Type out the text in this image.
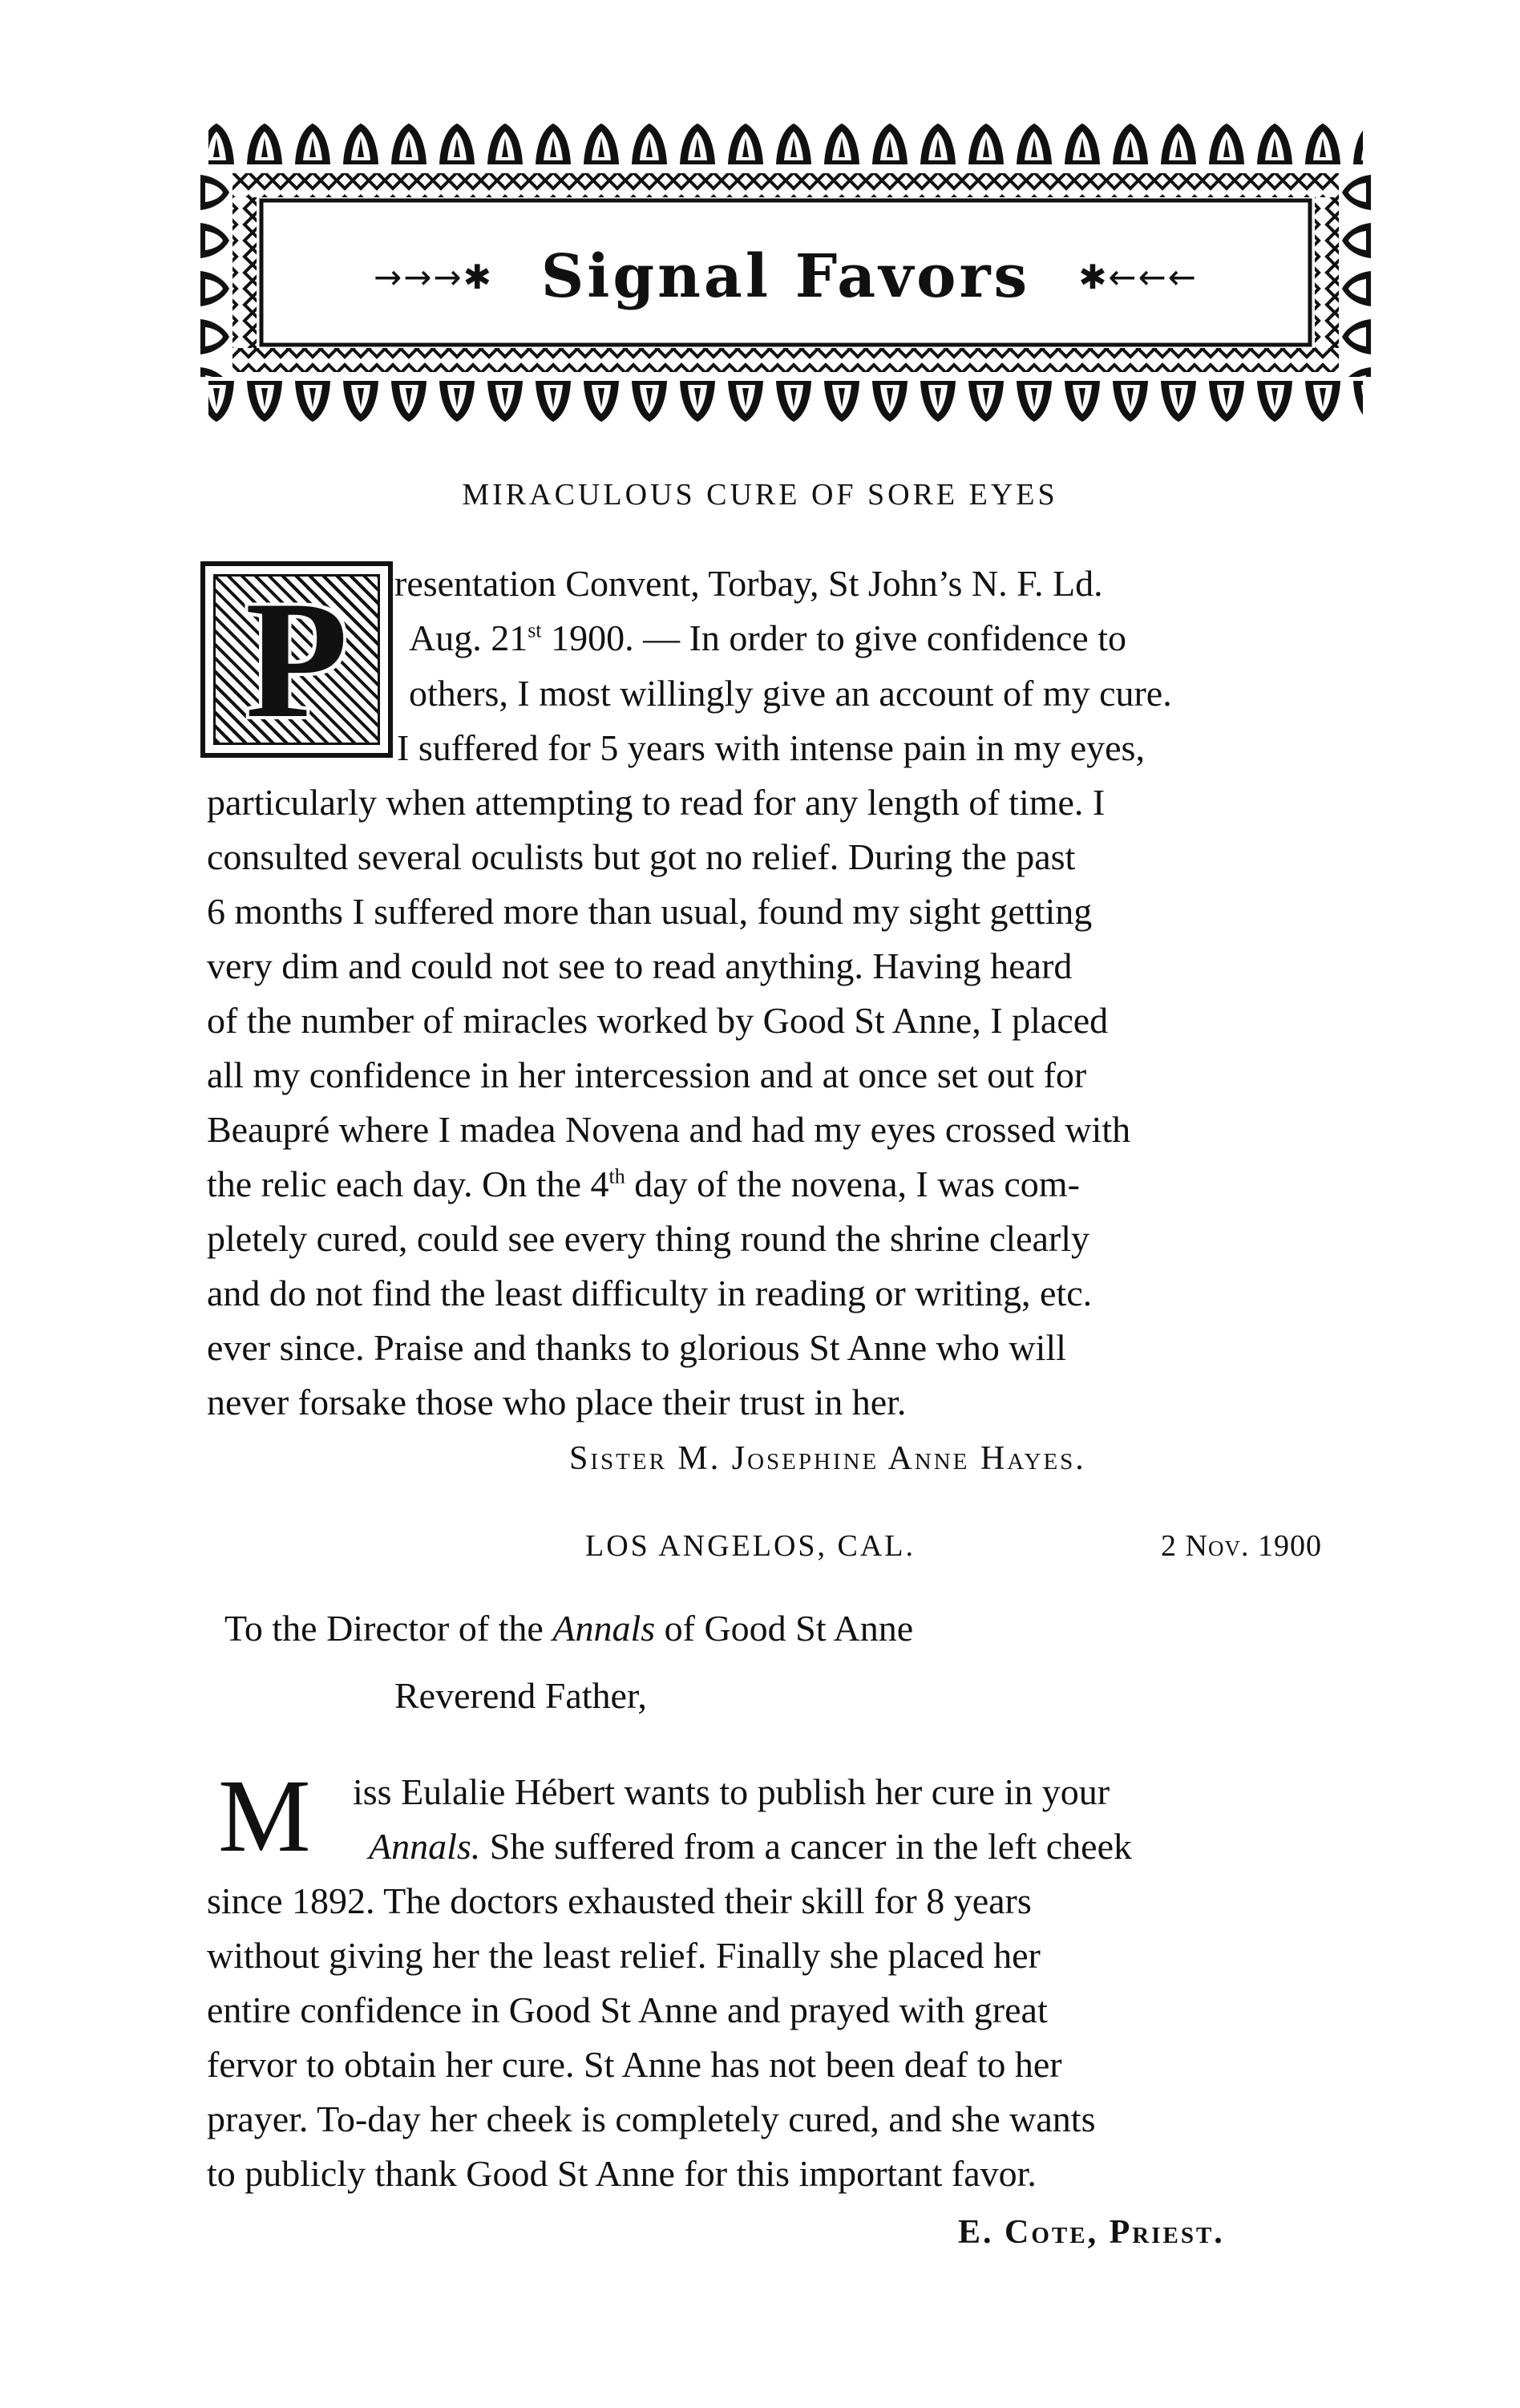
→→→✱ Signal Favors ✱←←←
MIRACULOUS CURE OF SORE EYES
P	resentation Convent, Torbay, St John’s N. F. Ld.
Aug. 21st 1900. — In order to give confidence to
others, I most willingly give an account of my cure.
I suffered for 5 years with intense pain in my eyes,
particularly when attempting to read for any length of time. I
consulted several oculists but got no relief. During the past
6 months I suffered more than usual, found my sight getting
very dim and could not see to read anything. Having heard
of the number of miracles worked by Good St Anne, I placed
all my confidence in her intercession and at once set out for
Beaupré where I madea Novena and had my eyes crossed with
the relic each day. On the 4th day of the novena, I was com-
pletely cured, could see every thing round the shrine clearly
and do not find the least difficulty in reading or writing, etc.
ever since. Praise and thanks to glorious St Anne who will
never forsake those who place their trust in her.
Sister M. Josephine Anne Hayes.
LOS ANGELOS, CAL.	2 Nov. 1900
To the Director of the Annals of Good St Anne
Reverend Father,
M iss Eulalie Hébert wants to publish her cure in your
Annals. She suffered from a cancer in the left cheek
since 1892. The doctors exhausted their skill for 8 years
without giving her the least relief. Finally she placed her
entire confidence in Good St Anne and prayed with great
fervor to obtain her cure. St Anne has not been deaf to her
prayer. To-day her cheek is completely cured, and she wants
to publicly thank Good St Anne for this important favor.
E. Cote, Priest.
